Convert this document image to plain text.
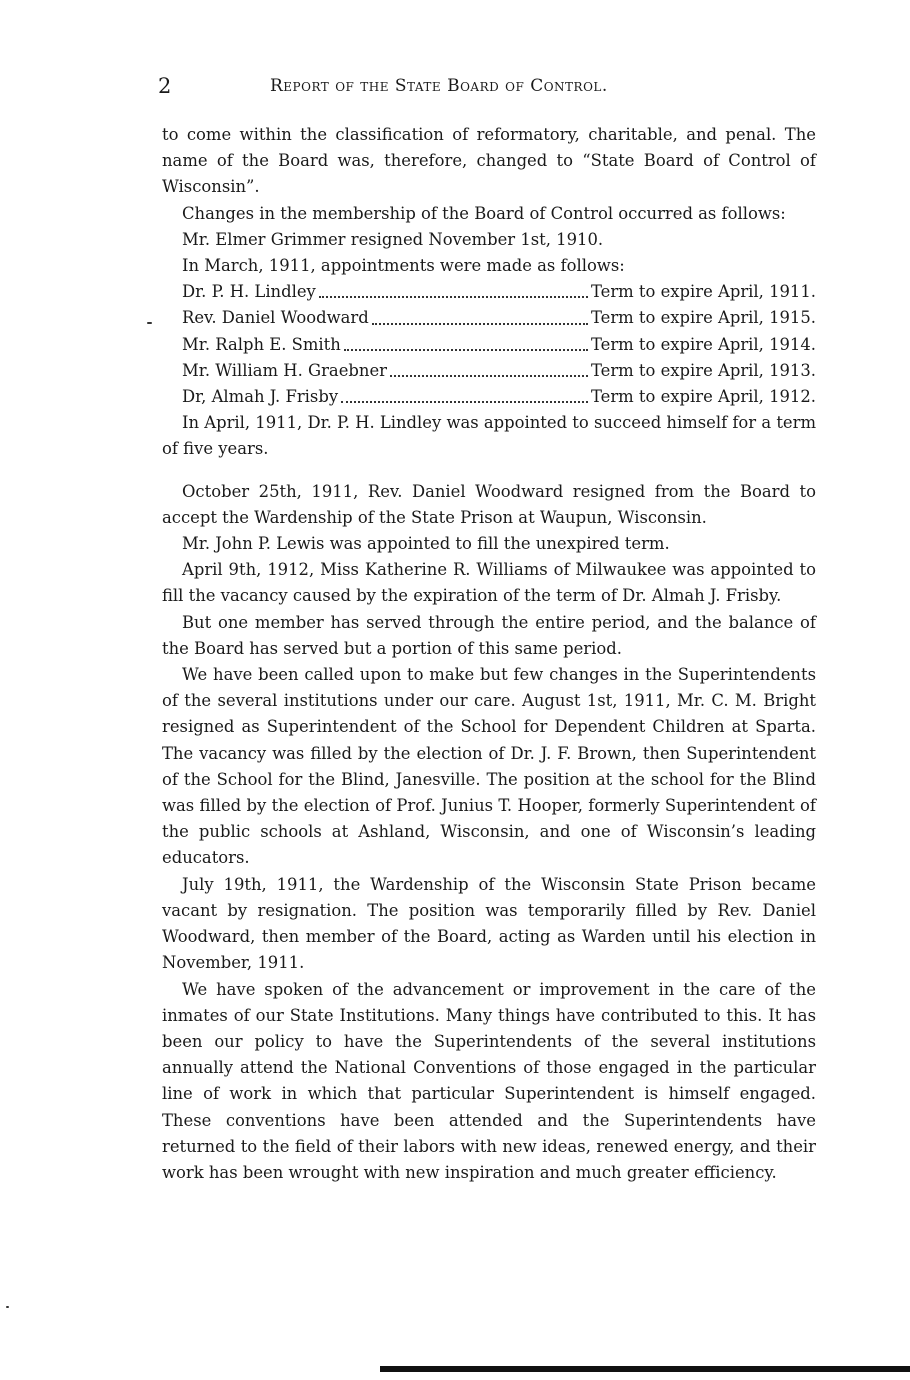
2	Report of the State Board of Control.

to come within the classification of reformatory, charitable, and penal. The name of the Board was, therefore, changed to “State Board of Control of Wisconsin”.

Changes in the membership of the Board of Control occurred as follows:

Mr. Elmer Grimmer resigned November 1st, 1910.
In March, 1911, appointments were made as follows:
Dr. P. H. Lindley	Term to expire April, 1911.
Rev. Daniel Woodward	Term to expire April, 1915.
Mr. Ralph E. Smith	Term to expire April, 1914.
Mr. William H. Graebner	Term to expire April, 1913.
Dr, Almah J. Frisby	Term to expire April, 1912.

In April, 1911, Dr. P. H. Lindley was appointed to succeed himself for a term of five years.

October 25th, 1911, Rev. Daniel Woodward resigned from the Board to accept the Wardenship of the State Prison at Waupun, Wisconsin.

Mr. John P. Lewis was appointed to fill the unexpired term.

April 9th, 1912, Miss Katherine R. Williams of Milwaukee was appointed to fill the vacancy caused by the expiration of the term of Dr. Almah J. Frisby.

But one member has served through the entire period, and the balance of the Board has served but a portion of this same period.

We have been called upon to make but few changes in the Superintendents of the several institutions under our care. August 1st, 1911, Mr. C. M. Bright resigned as Superintendent of the School for Dependent Children at Sparta. The vacancy was filled by the election of Dr. J. F. Brown, then Superintendent of the School for the Blind, Janesville. The position at the school for the Blind was filled by the election of Prof. Junius T. Hooper, formerly Superintendent of the public schools at Ashland, Wisconsin, and one of Wisconsin’s leading educators.

July 19th, 1911, the Wardenship of the Wisconsin State Prison became vacant by resignation. The position was temporarily filled by Rev. Daniel Woodward, then member of the Board, acting as Warden until his election in November, 1911.

We have spoken of the advancement or improvement in the care of the inmates of our State Institutions. Many things have contributed to this. It has been our policy to have the Superintendents of the several institutions annually attend the National Conventions of those engaged in the particular line of work in which that particular Superintendent is himself engaged. These conventions have been attended and the Superintendents have returned to the field of their labors with new ideas, renewed energy, and their work has been wrought with new inspiration and much greater efficiency.
